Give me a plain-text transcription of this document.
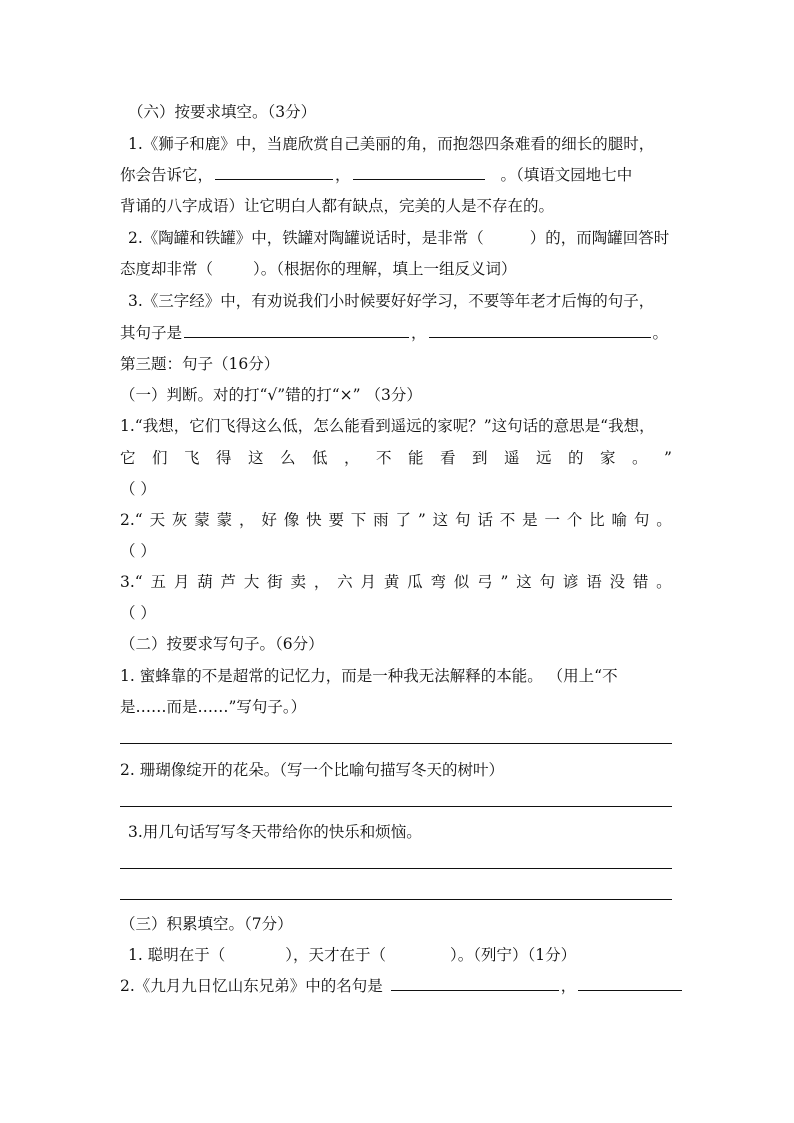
（六）按要求填空。（3分）
1.《狮子和鹿》中，当鹿欣赏自己美丽的角，而抱怨四条难看的细长的腿时，
你会告诉它，	，	。（填语文园地七中
背诵的八字成语）让它明白人都有缺点，完美的人是不存在的。
2.《陶罐和铁罐》中，铁罐对陶罐说话时，是非常（	）的，而陶罐回答时
态度却非常（	）。（根据你的理解，填上一组反义词）
3.《三字经》中，有劝说我们小时候要好好学习，不要等年老才后悔的句子，
其句子是	，	。
第三题：句子（16分）
（一）判断。对的打“√”错的打“×” （3分）
1.“我想，它们飞得这么低，怎么能看到遥远的家呢？”这句话的意思是“我想，
它 们 飞 得 这 么 低 ， 不 能 看 到 遥 远 的 家 。 ”
（ ）
2.“ 天 灰 蒙 蒙 ， 好 像 快 要 下 雨 了 ” 这 句 话 不 是 一 个 比 喻 句 。
（ ）
3.“ 五 月 葫 芦 大 街 卖 ， 六 月 黄 瓜 弯 似 弓 ” 这 句 谚 语 没 错 。
（ ）
（二）按要求写句子。（6分）
1. 蜜蜂靠的不是超常的记忆力，而是一种我无法解释的本能。 （用上“不
是……而是……”写句子。）
2. 珊瑚像绽开的花朵。（写一个比喻句描写冬天的树叶）
3.用几句话写写冬天带给你的快乐和烦恼。
（三）积累填空。（7分）
1. 聪明在于（	），天才在于（	）。（列宁）（1分）
2.《九月九日忆山东兄弟》中的名句是	，
